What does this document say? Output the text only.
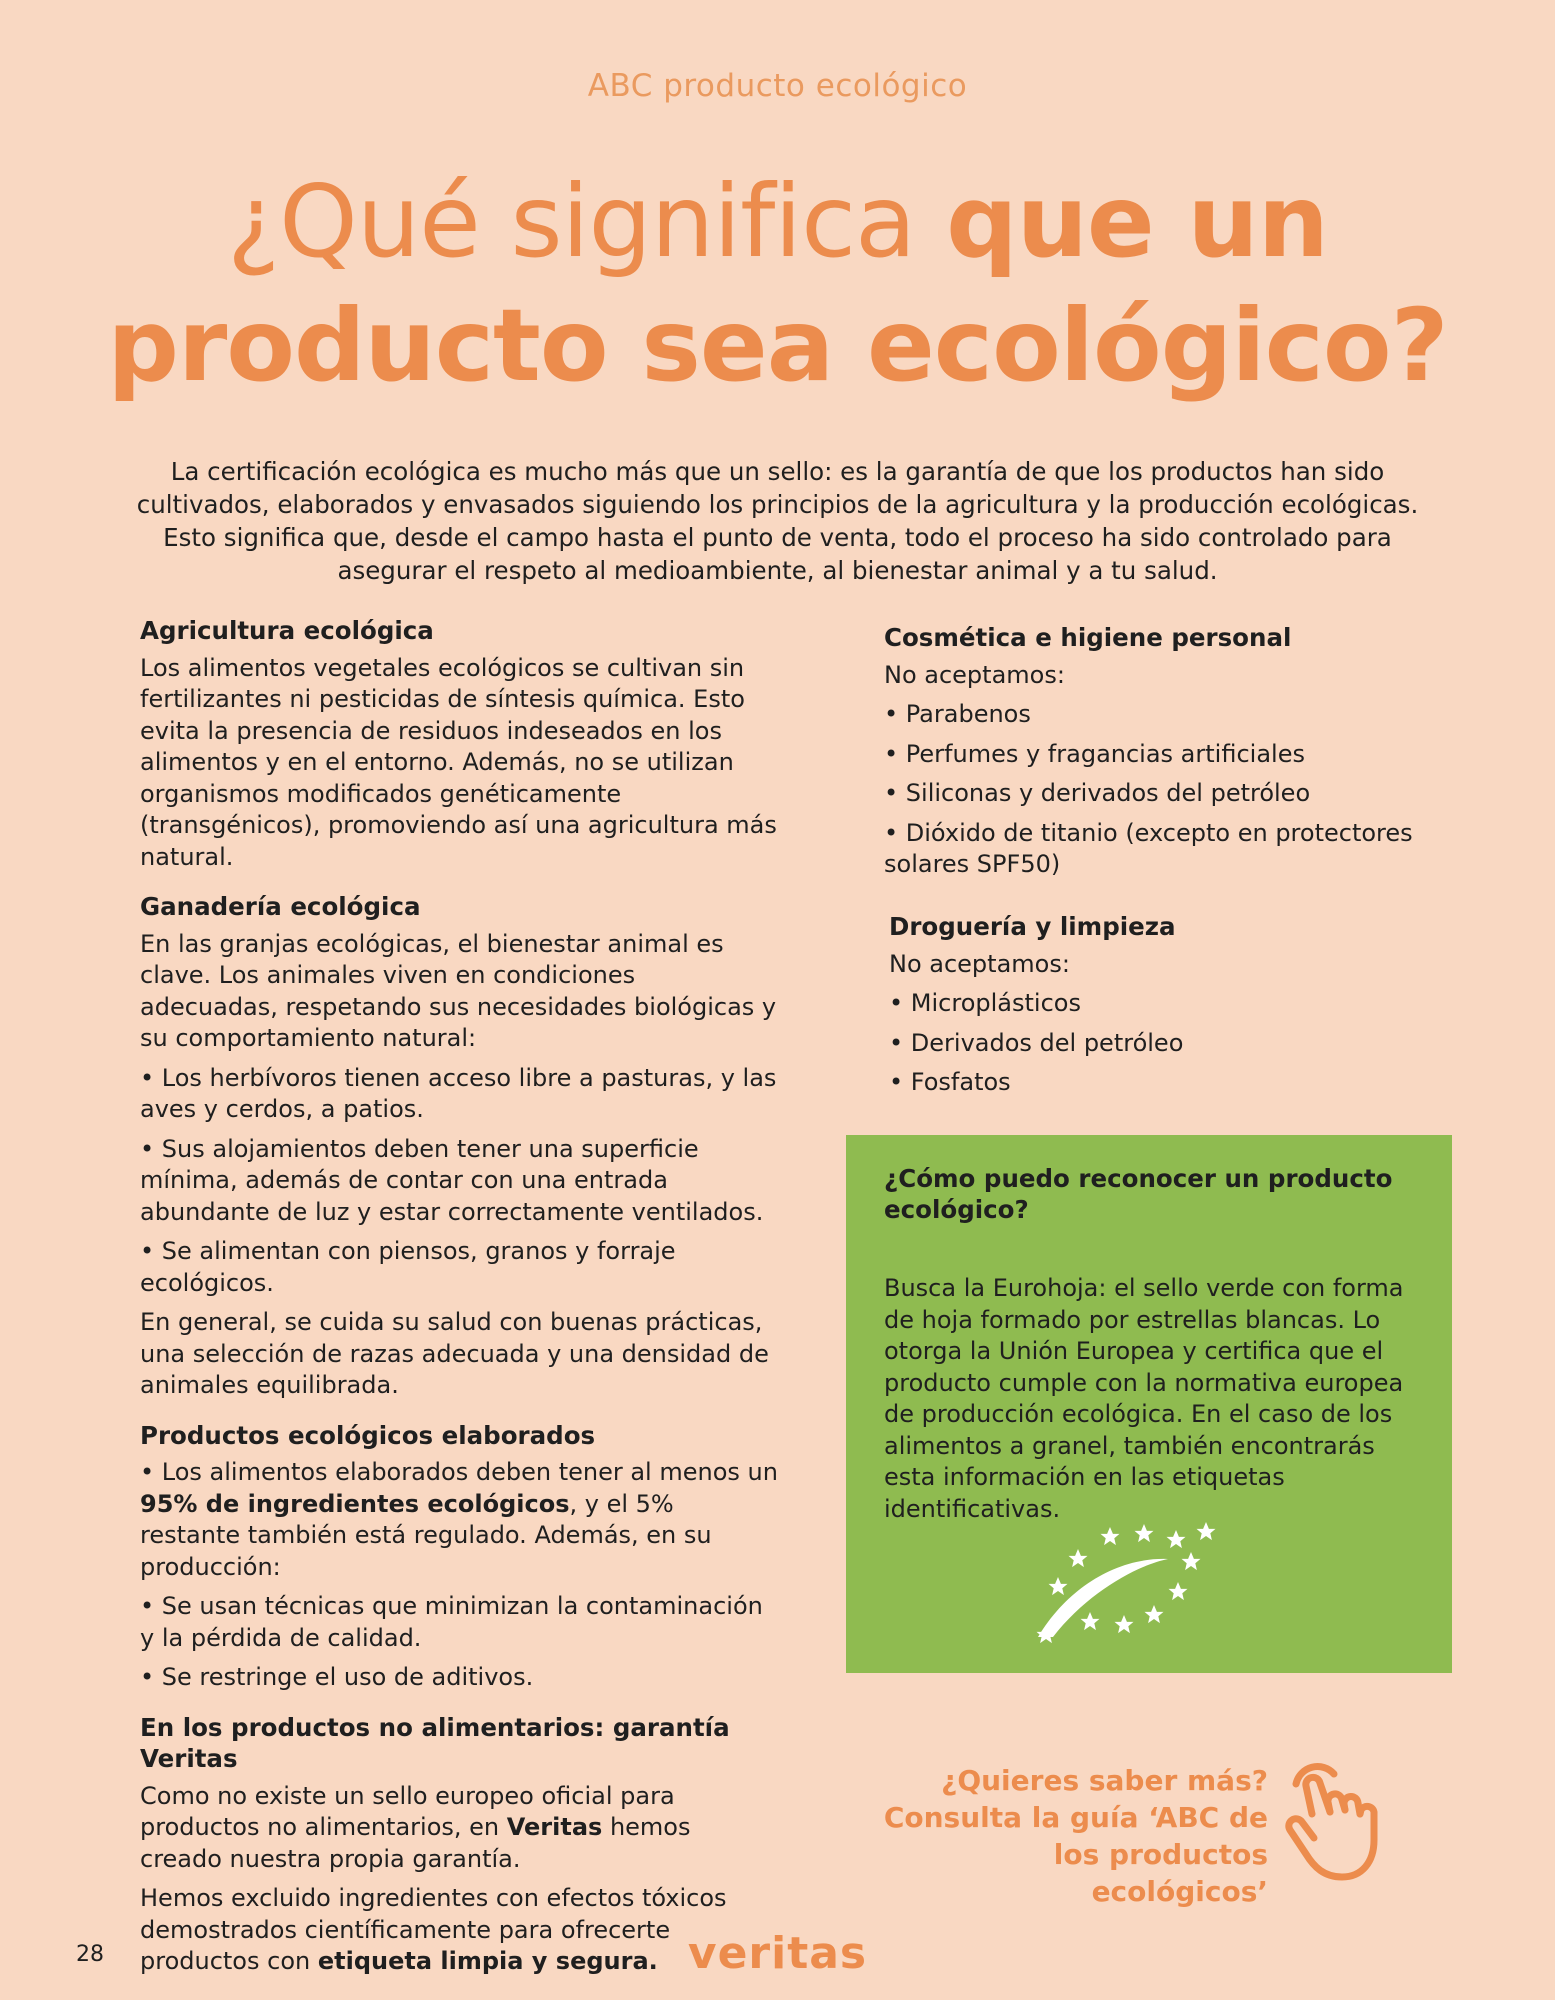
ABC producto ecológico
¿Qué significa que un producto sea ecológico?

La certificación ecológica es mucho más que un sello: es la garantía de que los productos han sido cultivados, elaborados y envasados siguiendo los principios de la agricultura y la producción ecológicas. Esto significa que, desde el campo hasta el punto de venta, todo el proceso ha sido controlado para asegurar el respeto al medioambiente, al bienestar animal y a tu salud.

Agricultura ecológica

Los alimentos vegetales ecológicos se cultivan sin fertilizantes ni pesticidas de síntesis química. Esto evita la presencia de residuos indeseados en los alimentos y en el entorno. Además, no se utilizan organismos modificados genéticamente (transgénicos), promoviendo así una agricultura más natural.

Ganadería ecológica

En las granjas ecológicas, el bienestar animal es clave. Los animales viven en condiciones adecuadas, respetando sus necesidades biológicas y su comportamiento natural:

• Los herbívoros tienen acceso libre a pasturas, y las aves y cerdos, a patios.

• Sus alojamientos deben tener una superficie mínima, además de contar con una entrada abundante de luz y estar correctamente ventilados.

• Se alimentan con piensos, granos y forraje ecológicos.

En general, se cuida su salud con buenas prácticas, una selección de razas adecuada y una densidad de animales equilibrada.

Productos ecológicos elaborados

• Los alimentos elaborados deben tener al menos un 95% de ingredientes ecológicos, y el 5% restante también está regulado. Además, en su producción:

• Se usan técnicas que minimizan la contaminación y la pérdida de calidad.

• Se restringe el uso de aditivos.

En los productos no alimentarios: garantía Veritas

Como no existe un sello europeo oficial para productos no alimentarios, en Veritas hemos creado nuestra propia garantía.

Hemos excluido ingredientes con efectos tóxicos demostrados científicamente para ofrecerte productos con etiqueta limpia y segura.

Cosmética e higiene personal

No aceptamos:

• Parabenos

• Perfumes y fragancias artificiales

• Siliconas y derivados del petróleo

• Dióxido de titanio (excepto en protectores solares SPF50)

Droguería y limpieza

No aceptamos:

• Microplásticos

• Derivados del petróleo

• Fosfatos

¿Cómo puedo reconocer un producto ecológico?

Busca la Eurohoja: el sello verde con forma de hoja formado por estrellas blancas. Lo otorga la Unión Europea y certifica que el producto cumple con la normativa europea de producción ecológica. En el caso de los alimentos a granel, también encontrarás esta información en las etiquetas identificativas.

¿Quieres saber más?
Consulta la guía ‘ABC de
los productos ecológicos’
28	veritas
